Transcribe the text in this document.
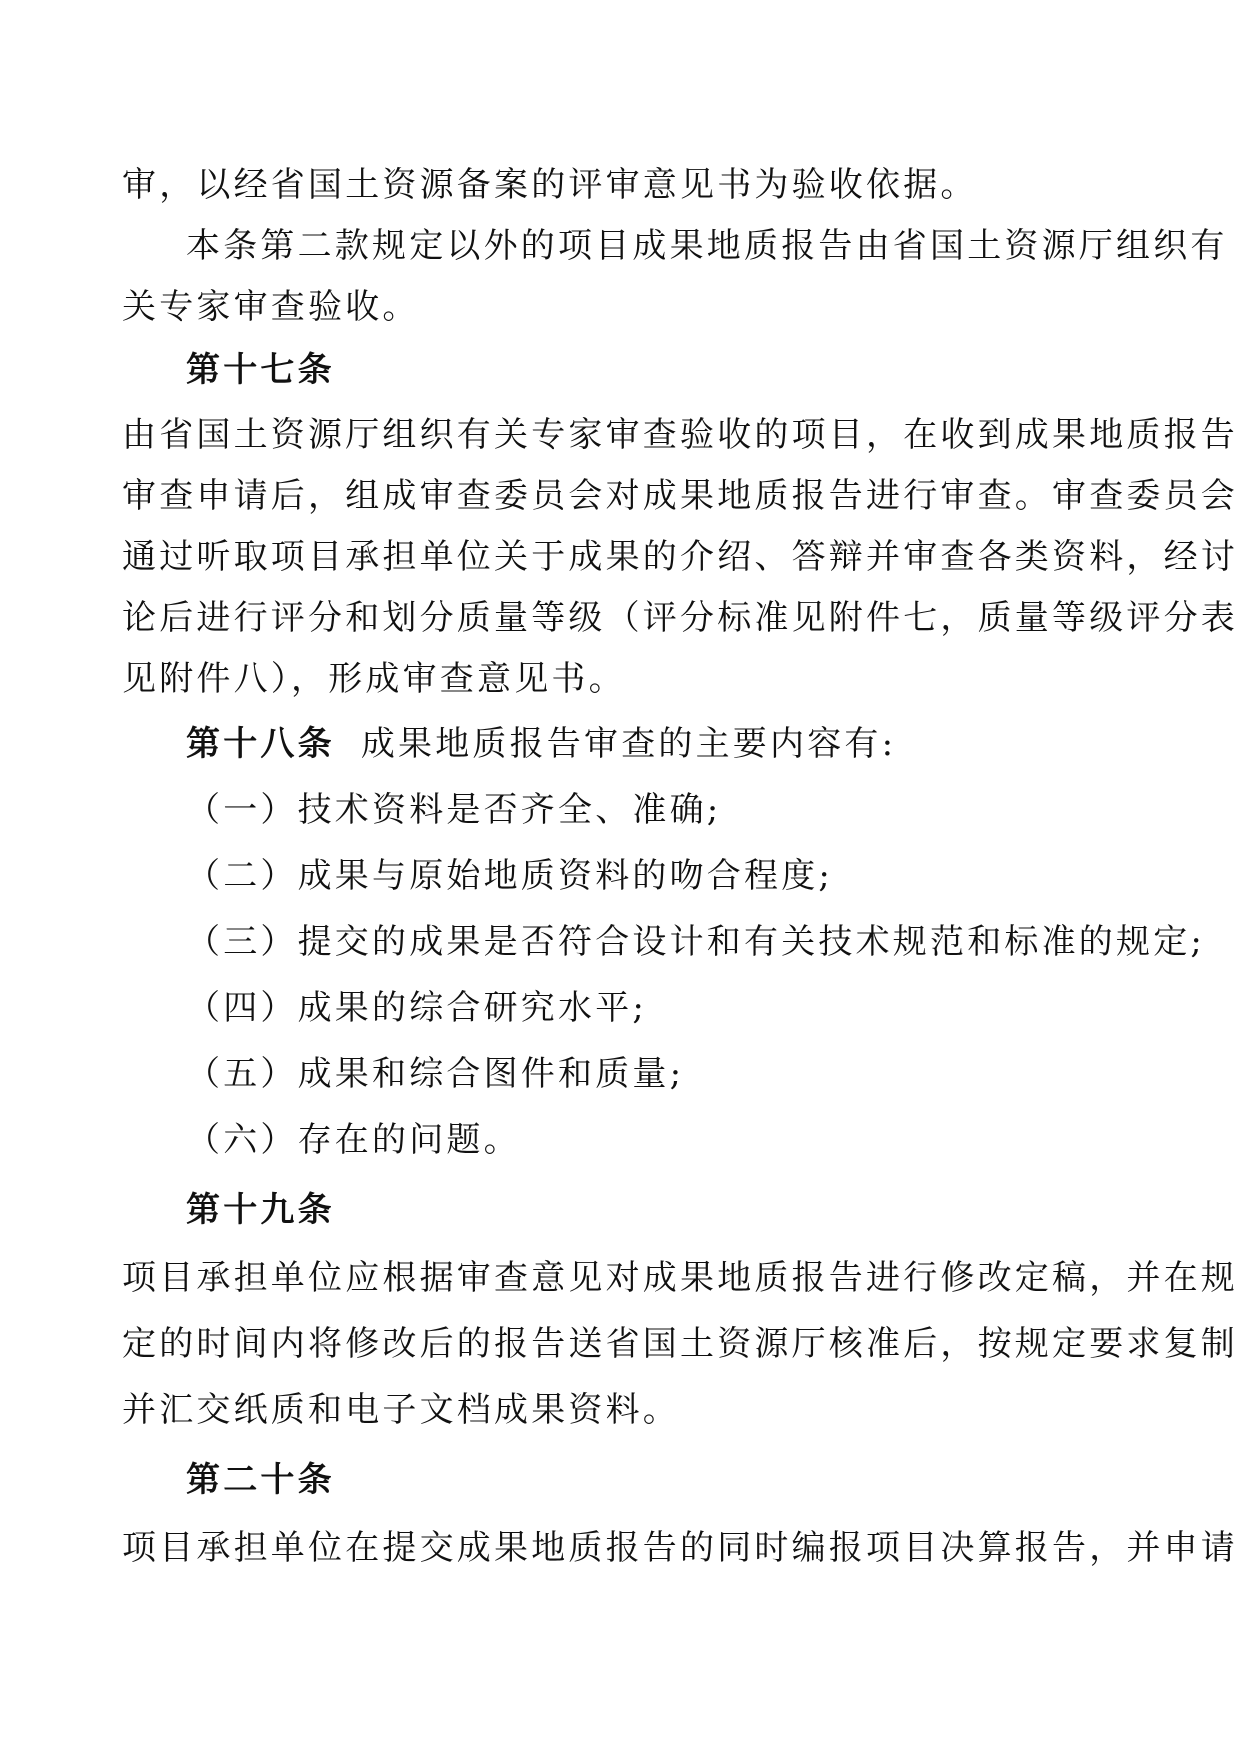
审，以经省国土资源备案的评审意见书为验收依据。
本条第二款规定以外的项目成果地质报告由省国土资源厅组织有
关专家审查验收。
第十七条
由省国土资源厅组织有关专家审查验收的项目，在收到成果地质报告
审查申请后，组成审查委员会对成果地质报告进行审查。审查委员会
通过听取项目承担单位关于成果的介绍、答辩并审查各类资料，经讨
论后进行评分和划分质量等级（评分标准见附件七，质量等级评分表
见附件八），形成审查意见书。
第十八条 成果地质报告审查的主要内容有:
（一）技术资料是否齐全、准确;
（二）成果与原始地质资料的吻合程度;
（三）提交的成果是否符合设计和有关技术规范和标准的规定;
（四）成果的综合研究水平;
（五）成果和综合图件和质量;
（六）存在的问题。
第十九条
项目承担单位应根据审查意见对成果地质报告进行修改定稿，并在规
定的时间内将修改后的报告送省国土资源厅核准后，按规定要求复制
并汇交纸质和电子文档成果资料。
第二十条
项目承担单位在提交成果地质报告的同时编报项目决算报告，并申请
